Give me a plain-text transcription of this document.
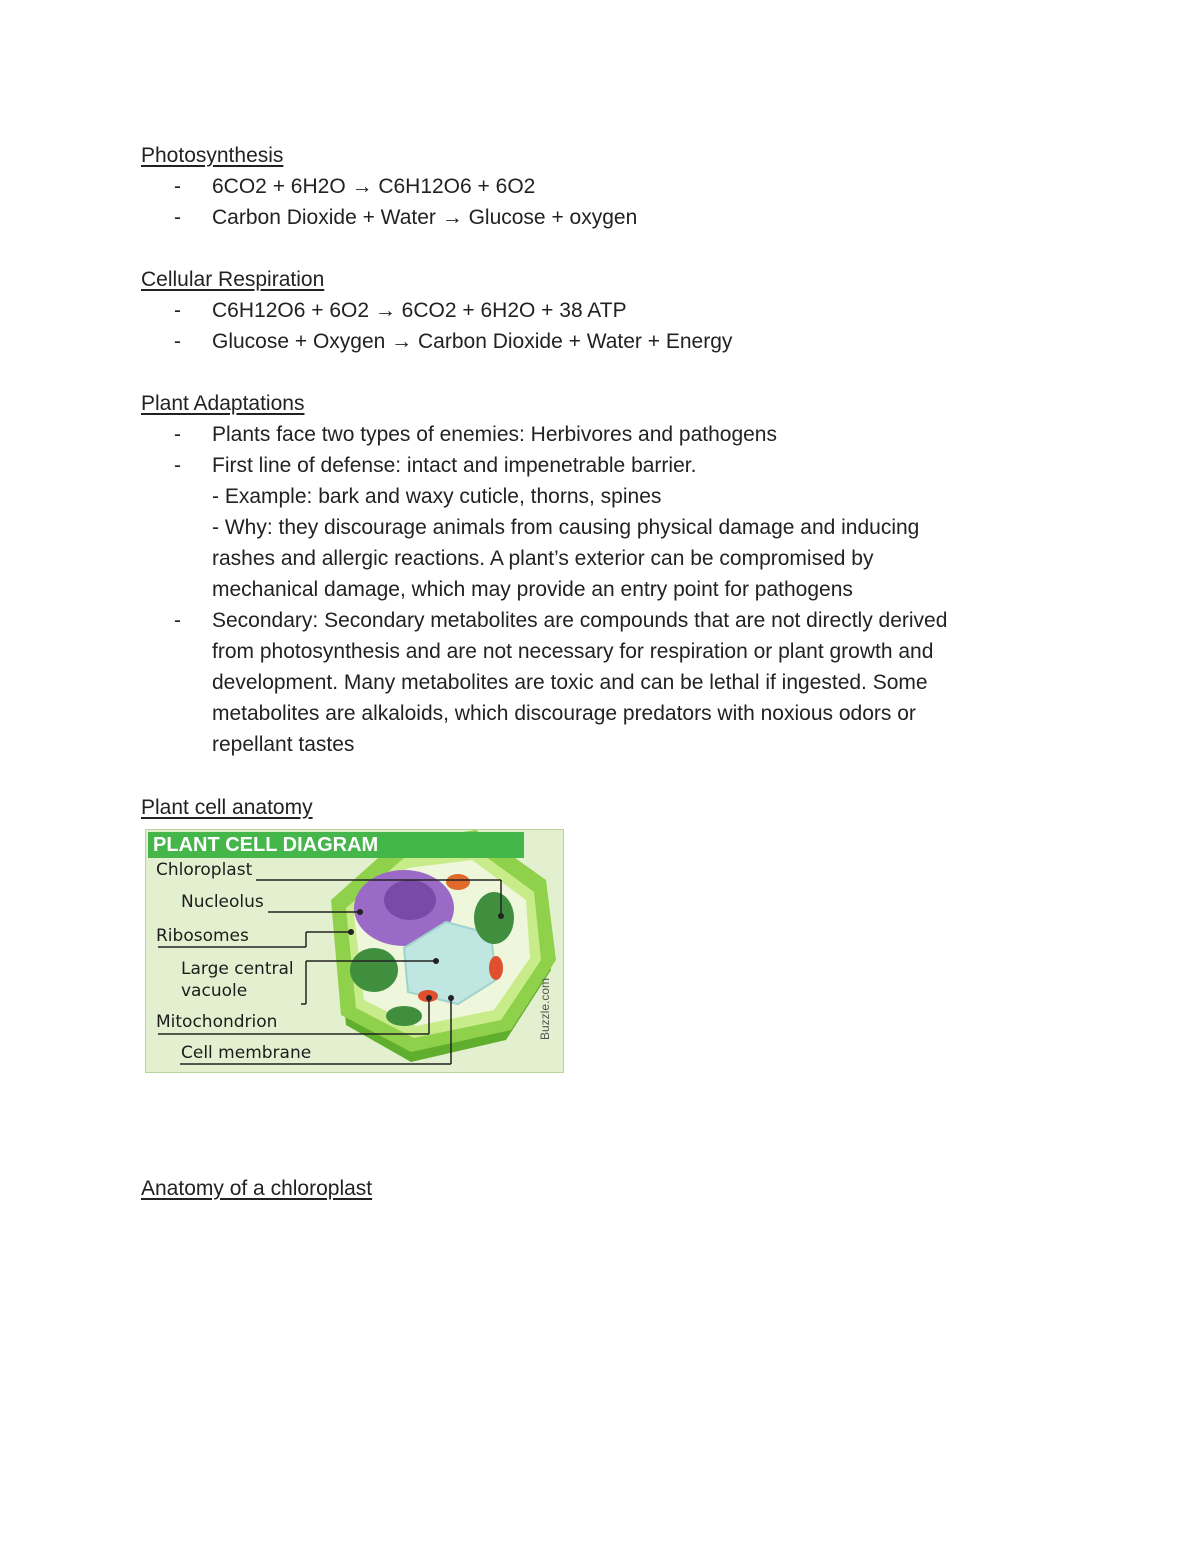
Photosynthesis
- 6CO2 + 6H2O → C6H12O6 + 6O2
- Carbon Dioxide + Water → Glucose + oxygen
Cellular Respiration
- C6H12O6 + 6O2 → 6CO2 + 6H2O + 38 ATP
- Glucose + Oxygen → Carbon Dioxide + Water + Energy
Plant Adaptations
- Plants face two types of enemies: Herbivores and pathogens
- First line of defense: intact and impenetrable barrier.
- Example: bark and waxy cuticle, thorns, spines
- Why: they discourage animals from causing physical damage and inducing
rashes and allergic reactions. A plant’s exterior can be compromised by
mechanical damage, which may provide an entry point for pathogens
- Secondary: Secondary metabolites are compounds that are not directly derived
from photosynthesis and are not necessary for respiration or plant growth and
development. Many metabolites are toxic and can be lethal if ingested. Some
metabolites are alkaloids, which discourage predators with noxious odors or
repellant tastes
Plant cell anatomy
PLANT CELL DIAGRAM
Chloroplast
Nucleolus
Ribosomes
Large central
vacuole
Mitochondrion
Cell membrane
Buzzle.com
Anatomy of a chloroplast
